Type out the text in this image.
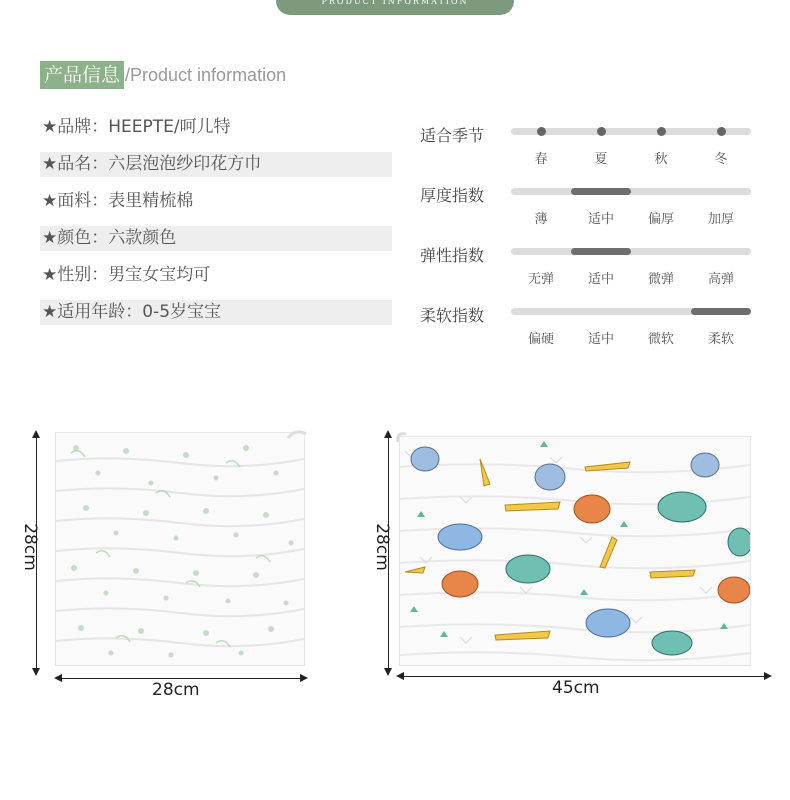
PRODUCT INFORMATION
产品信息 /Product information
★品牌：HEEPTE/呵儿特
★品名：六层泡泡纱印花方巾
★面料：表里精梳棉
★颜色：六款颜色
★性别：男宝女宝均可
★适用年龄：0-5岁宝宝
适合季节
春	夏	秋	冬
厚度指数
薄	适中	偏厚	加厚
弹性指数
无弹	适中	微弹	高弹
柔软指数
偏硬	适中	微软	柔软
28cm
28cm
28cm
45cm
